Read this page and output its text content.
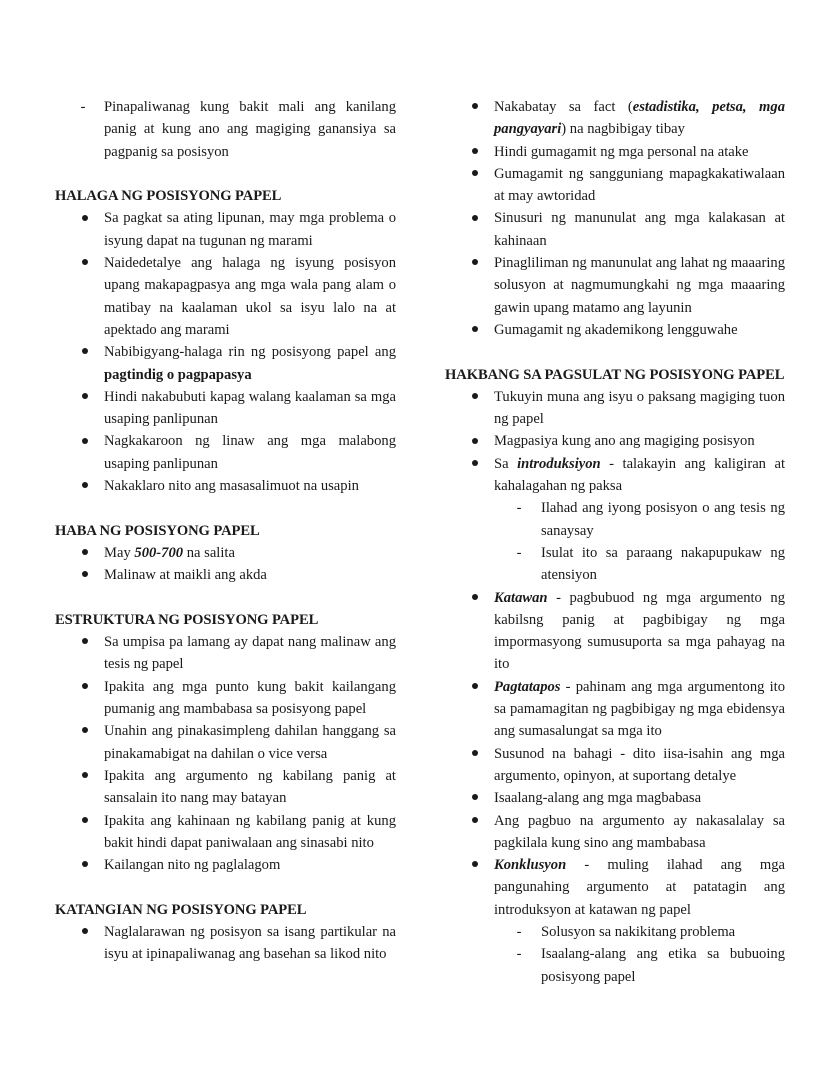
- Pinapaliwanag kung bakit mali ang kanilang panig at kung ano ang magiging ganansiya sa pagpanig sa posisyon
HALAGA NG POSISYONG PAPEL
Sa pagkat sa ating lipunan, may mga problema o isyung dapat na tugunan ng marami
Naidedetalye ang halaga ng isyung posisyon upang makapagpasya ang mga wala pang alam o matibay na kaalaman ukol sa isyu lalo na at apektado ang marami
Nabibigyang-halaga rin ng posisyong papel ang pagtindig o pagpapasya
Hindi nakabubuti kapag walang kaalaman sa mga usaping panlipunan
Nagkakaroon ng linaw ang mga malabong usaping panlipunan
Nakaklaro nito ang masasalimuot na usapin
HABA NG POSISYONG PAPEL
May 500-700 na salita
Malinaw at maikli ang akda
ESTRUKTURA NG POSISYONG PAPEL
Sa umpisa pa lamang ay dapat nang malinaw ang tesis ng papel
Ipakita ang mga punto kung bakit kailangang pumanig ang mambabasa sa posisyong papel
Unahin ang pinakasimpleng dahilan hanggang sa pinakamabigat na dahilan o vice versa
Ipakita ang argumento ng kabilang panig at sansalain ito nang may batayan
Ipakita ang kahinaan ng kabilang panig at kung bakit hindi dapat paniwalaan ang sinasabi nito
Kailangan nito ng paglalagom
KATANGIAN NG POSISYONG PAPEL
Naglalarawan ng posisyon sa isang partikular na isyu at ipinapaliwanag ang basehan sa likod nito
Nakabatay sa fact (estadistika, petsa, mga pangyayari) na nagbibigay tibay
Hindi gumagamit ng mga personal na atake
Gumagamit ng sangguniang mapagkakatiwalaan at may awtoridad
Sinusuri ng manunulat ang mga kalakasan at kahinaan
Pinagliliman ng manunulat ang lahat ng maaaring solusyon at nagmumungkahi ng mga maaaring gawin upang matamo ang layunin
Gumagamit ng akademikong lengguwahe
HAKBANG SA PAGSULAT NG POSISYONG PAPEL
Tukuyin muna ang isyu o paksang magiging tuon ng papel
Magpasiya kung ano ang magiging posisyon
Sa introduksiyon - talakayin ang kaligiran at kahalagahan ng paksa
- Ilahad ang iyong posisyon o ang tesis ng sanaysay
- Isulat ito sa paraang nakapupukaw ng atensiyon
Katawan - pagbubuod ng mga argumento ng kabilsng panig at pagbibigay ng mga impormasyong sumusuporta sa mga pahayag na ito
Pagtatapos - pahinam ang mga argumentong ito sa pamamagitan ng pagbibigay ng mga ebidensya ang sumasalungat sa mga ito
Susunod na bahagi - dito iisa-isahin ang mga argumento, opinyon, at suportang detalye
Isaalang-alang ang mga magbabasa
Ang pagbuo na argumento ay nakasalalay sa pagkilala kung sino ang mambabasa
Konklusyon - muling ilahad ang mga pangunahing argumento at patatagin ang introduksyon at katawan ng papel
- Solusyon sa nakikitang problema
- Isaalang-alang ang etika sa bubuoing posisyong papel
